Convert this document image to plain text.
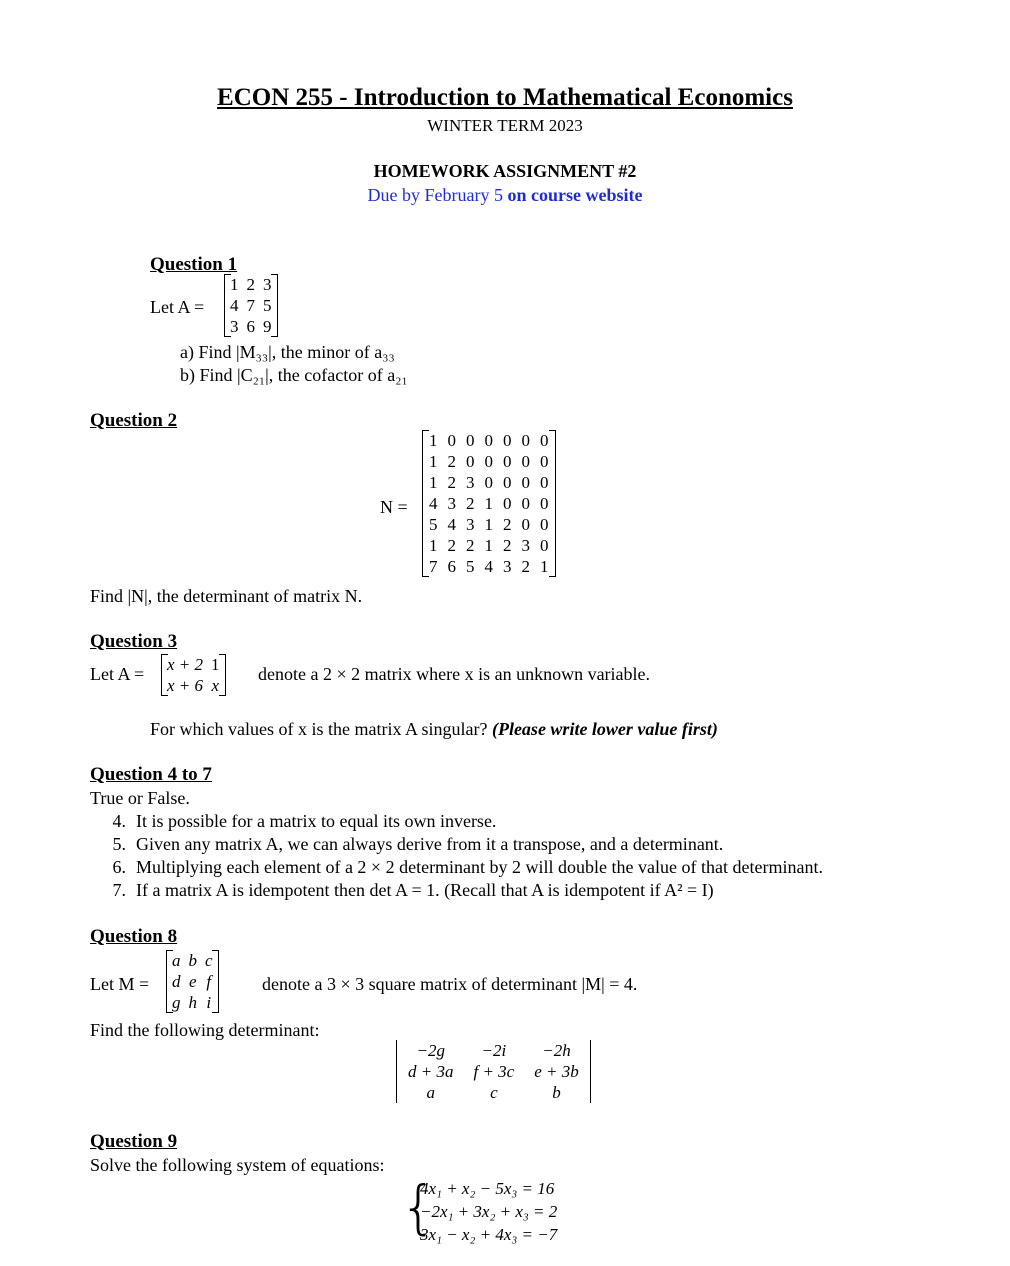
ECON 255 - Introduction to Mathematical Economics
WINTER TERM 2023
HOMEWORK ASSIGNMENT #2
Due by February 5 on course website
Question 1
Let A =
1	2	3
4	7	5
3	6	9
a) Find |M₃₃|, the minor of a₃₃
b) Find |C₂₁|, the cofactor of a₂₁
Question 2
N =
1	0	0	0	0	0	0
1	2	0	0	0	0	0
1	2	3	0	0	0	0
4	3	2	1	0	0	0
5	4	3	1	2	0	0
1	2	2	1	2	3	0
7	6	5	4	3	2	1
Find |N|, the determinant of matrix N.
Question 3
Let A = x + 2	1
x + 6	x
denote a 2 × 2 matrix where x is an unknown variable.
For which values of x is the matrix A singular? (Please write lower value first)
Question 4 to 7
True or False.
4. It is possible for a matrix to equal its own inverse.
5. Given any matrix A, we can always derive from it a transpose, and a determinant.
6. Multiplying each element of a 2 × 2 determinant by 2 will double the value of that determinant.
7. If a matrix A is idempotent then det A = 1. (Recall that A is idempotent if A² = I)
Question 8
Let M =
a	b	c
d	e	f
g	h	i
denote a 3 × 3 square matrix of determinant |M| = 4.
Find the following determinant:
−2g	−2i	−2h
d + 3a	f + 3c	e + 3b
a	c	b
Question 9
Solve the following system of equations:
{
4x₁ + x₂ − 5x₃ = 16
−2x₁ + 3x₂ + x₃ = 2
3x₁ − x₂ + 4x₃ = −7
